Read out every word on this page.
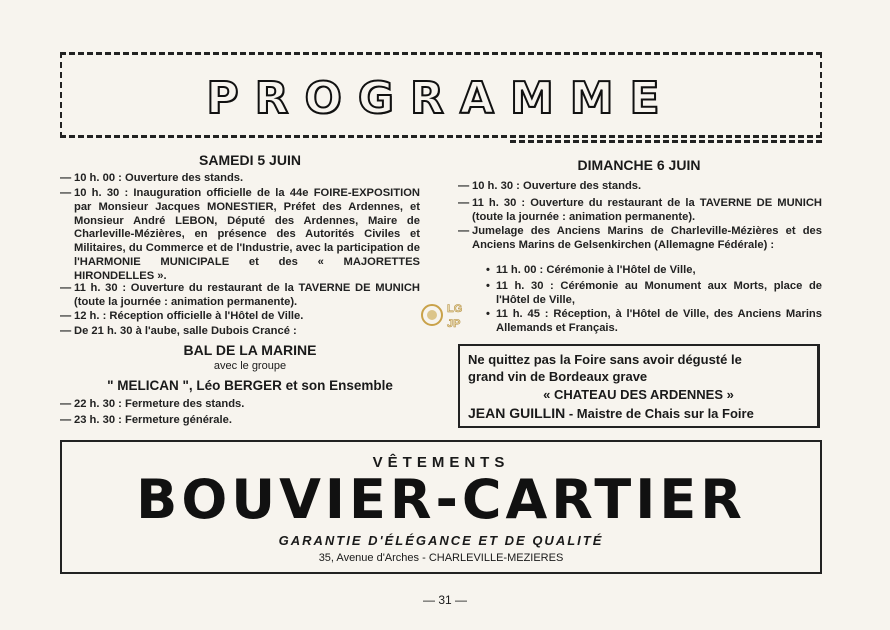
PROGRAMME
SAMEDI 5 JUIN
— 10 h. 00 : Ouverture des stands.
— 10 h. 30 : Inauguration officielle de la 44e FOIRE-EXPOSITION par Monsieur Jacques MONESTIER, Préfet des Ardennes, et Monsieur André LEBON, Député des Ardennes, Maire de Charleville-Mézières, en présence des Autorités Civiles et Militaires, du Commerce et de l'Industrie, avec la participation de l'HARMONIE MUNICIPALE et des « MAJORETTES HIRONDELLES ».
— 11 h. 30 : Ouverture du restaurant de la TAVERNE DE MUNICH (toute la journée : animation permanente).
— 12 h. : Réception officielle à l'Hôtel de Ville.
— De 21 h. 30 à l'aube, salle Dubois Crancé :
BAL DE LA MARINE
avec le groupe
" MELICAN ", Léo BERGER et son Ensemble
— 22 h. 30 : Fermeture des stands.
— 23 h. 30 : Fermeture générale.
LG
JP
DIMANCHE 6 JUIN
— 10 h. 30 : Ouverture des stands.
— 11 h. 30 : Ouverture du restaurant de la TAVERNE DE MUNICH (toute la journée : animation permanente).
— Jumelage des Anciens Marins de Charleville-Mézières et des Anciens Marins de Gelsenkirchen (Allemagne Fédérale) :
• 11 h. 00 : Cérémonie à l'Hôtel de Ville,
• 11 h. 30 : Cérémonie au Monument aux Morts, place de l'Hôtel de Ville,
• 11 h. 45 : Réception, à l'Hôtel de Ville, des Anciens Marins Allemands et Français.
Ne quittez pas la Foire sans avoir dégusté le
grand vin de Bordeaux grave
« CHATEAU DES ARDENNES »
JEAN GUILLIN - Maistre de Chais sur la Foire
VÊTEMENTS
BOUVIER-CARTIER
GARANTIE D'ÉLÉGANCE ET DE QUALITÉ
35, Avenue d'Arches - CHARLEVILLE-MEZIERES
— 31 —
